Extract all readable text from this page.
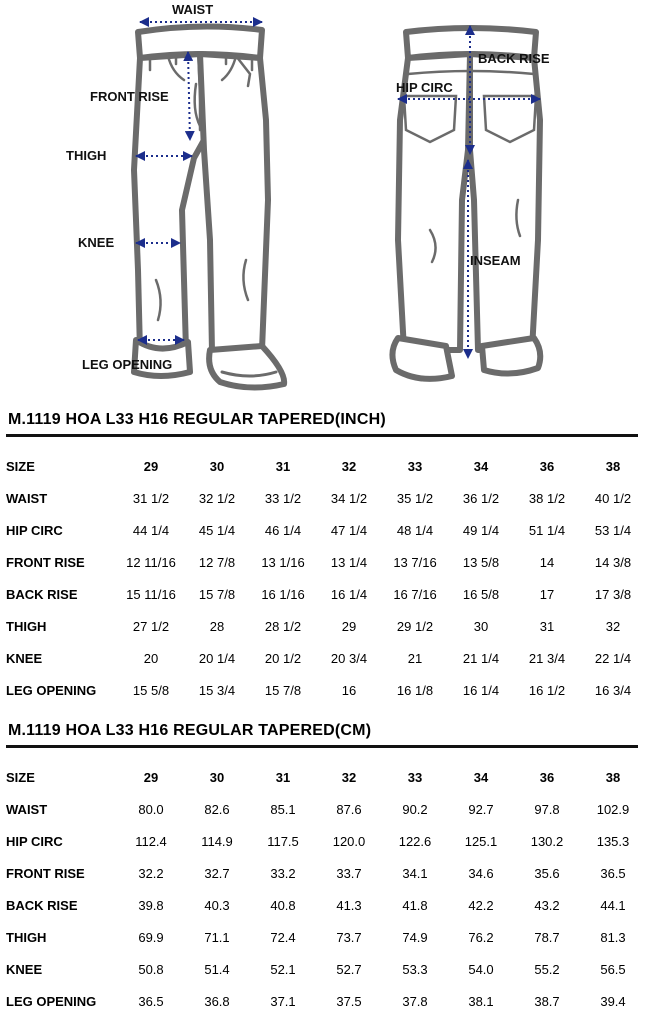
WAIST
FRONT RISE
THIGH
KNEE
LEG OPENING
BACK RISE
HIP CIRC
INSEAM
M.1119 HOA L33 H16 REGULAR TAPERED(INCH)
SIZE	29	30	31	32	33	34	36	38
WAIST	31 1/2	32 1/2	33 1/2	34 1/2	35 1/2	36 1/2	38 1/2	40 1/2
HIP CIRC	44 1/4	45 1/4	46 1/4	47 1/4	48 1/4	49 1/4	51 1/4	53 1/4
FRONT RISE	12 11/16	12 7/8	13 1/16	13 1/4	13 7/16	13 5/8	14	14 3/8
BACK RISE	15 11/16	15 7/8	16 1/16	16 1/4	16 7/16	16 5/8	17	17 3/8
THIGH	27 1/2	28	28 1/2	29	29 1/2	30	31	32
KNEE	20	20 1/4	20 1/2	20 3/4	21	21 1/4	21 3/4	22 1/4
LEG OPENING	15 5/8	15 3/4	15 7/8	16	16 1/8	16 1/4	16 1/2	16 3/4
M.1119 HOA L33 H16 REGULAR TAPERED(CM)
SIZE	29	30	31	32	33	34	36	38
WAIST	80.0	82.6	85.1	87.6	90.2	92.7	97.8	102.9
HIP CIRC	112.4	114.9	117.5	120.0	122.6	125.1	130.2	135.3
FRONT RISE	32.2	32.7	33.2	33.7	34.1	34.6	35.6	36.5
BACK RISE	39.8	40.3	40.8	41.3	41.8	42.2	43.2	44.1
THIGH	69.9	71.1	72.4	73.7	74.9	76.2	78.7	81.3
KNEE	50.8	51.4	52.1	52.7	53.3	54.0	55.2	56.5
LEG OPENING	36.5	36.8	37.1	37.5	37.8	38.1	38.7	39.4
